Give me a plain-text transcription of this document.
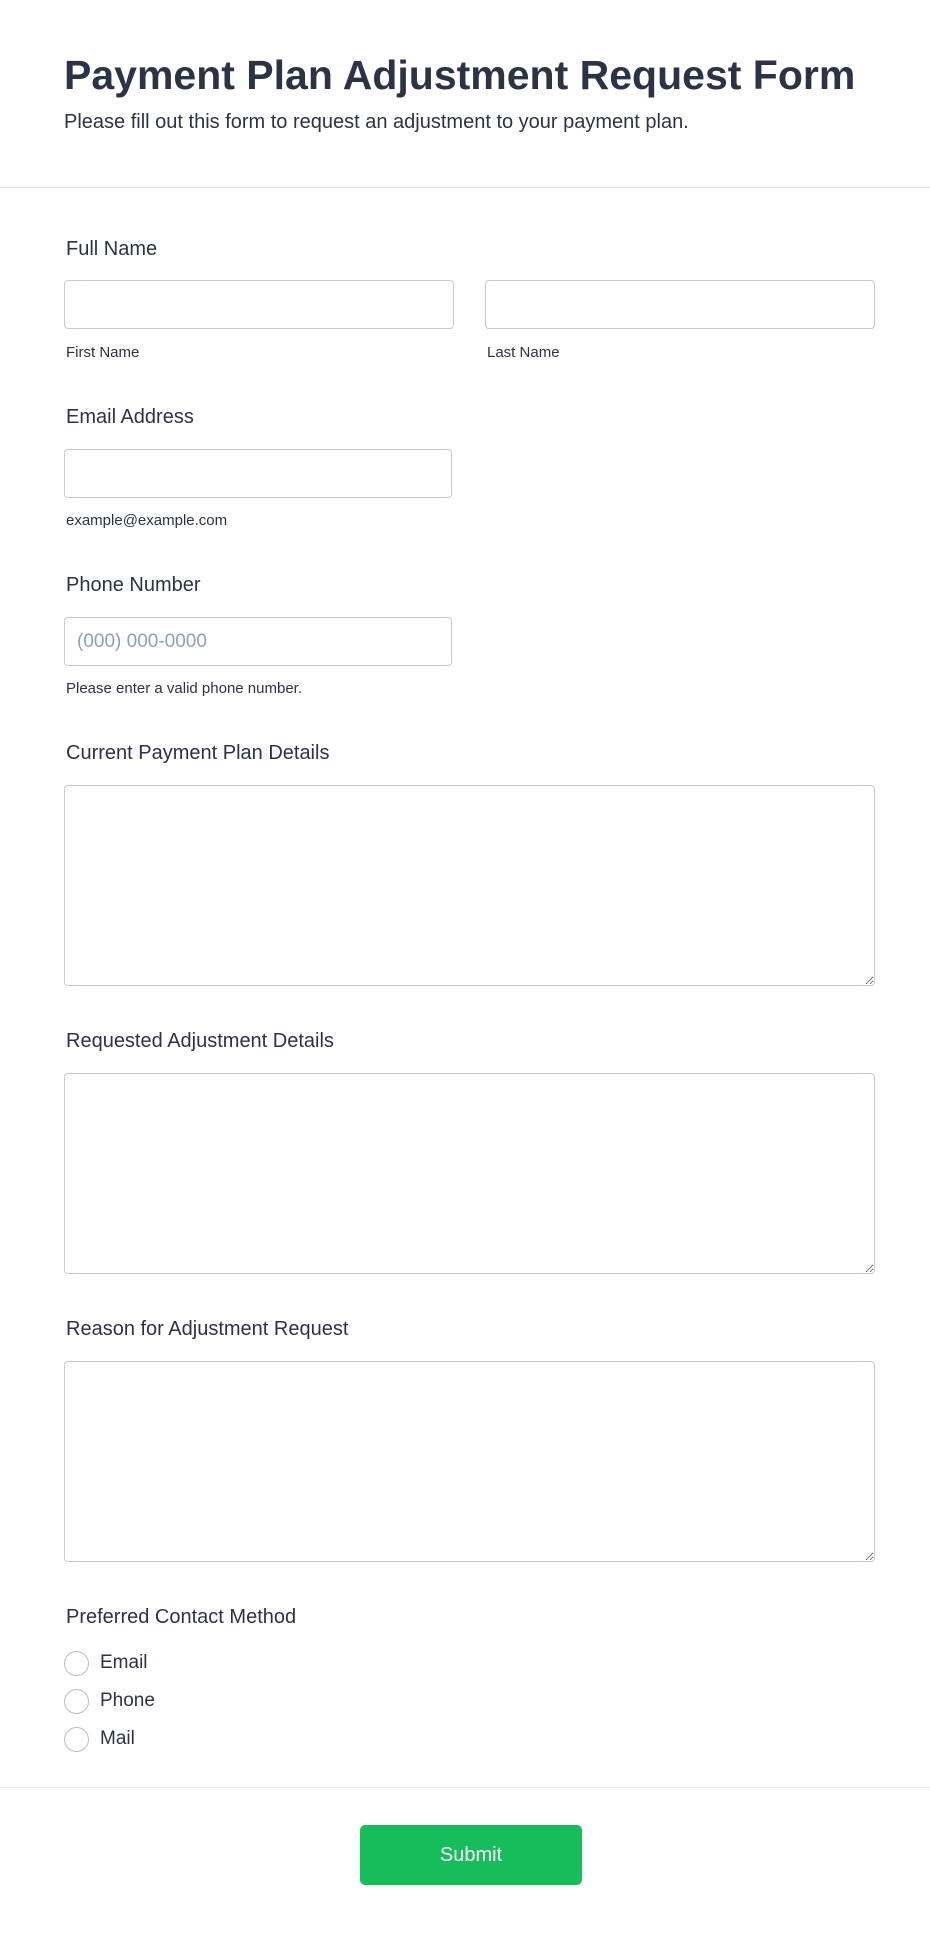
Payment Plan Adjustment Request Form
Please fill out this form to request an adjustment to your payment plan.
Full Name
First Name	Last Name
Email Address
example@example.com
Phone Number
(000) 000-0000
Please enter a valid phone number.
Current Payment Plan Details
Requested Adjustment Details
Reason for Adjustment Request
Preferred Contact Method
Email
Phone
Mail
Submit
